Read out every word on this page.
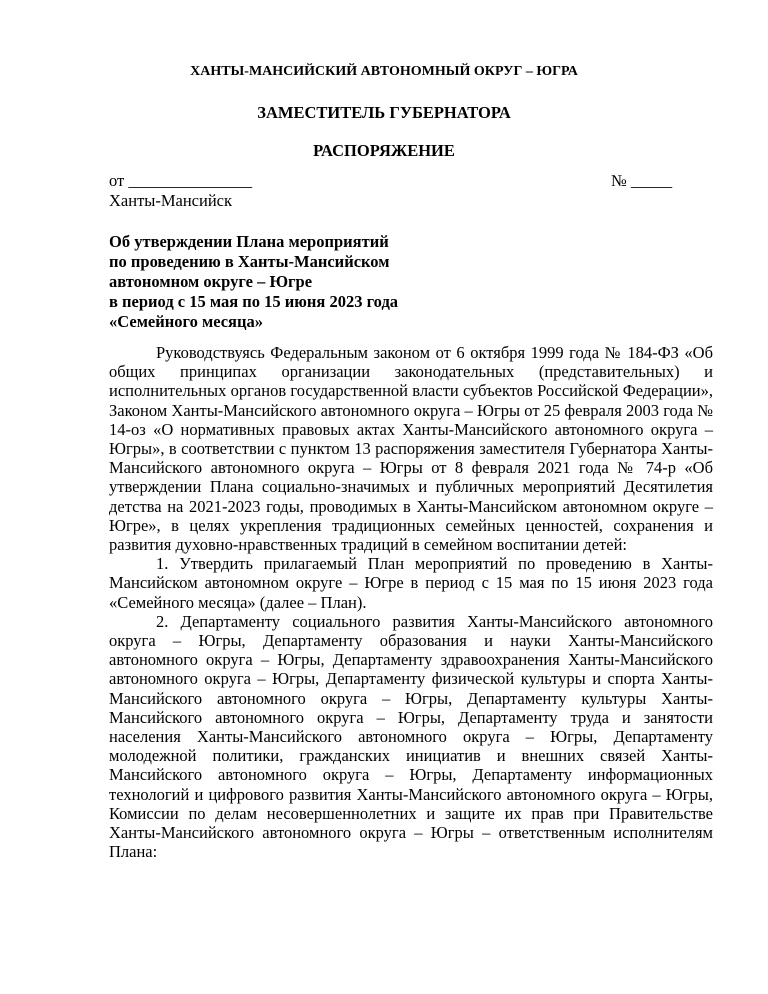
ХАНТЫ-МАНСИЙСКИЙ АВТОНОМНЫЙ ОКРУГ – ЮГРА
ЗАМЕСТИТЕЛЬ ГУБЕРНАТОРА
РАСПОРЯЖЕНИЕ
от _______________	№ _____
Ханты-Мансийск
Об утверждении Плана мероприятий
по проведению в Ханты-Мансийском
автономном округе – Югре
в период с 15 мая по 15 июня 2023 года
«Семейного месяца»

Руководствуясь Федеральным законом от 6 октября 1999 года № 184-ФЗ «Об общих принципах организации законодательных (представительных) и исполнительных органов государственной власти субъектов Российской Федерации», Законом Ханты-Мансийского автономного округа – Югры от 25 февраля 2003 года № 14-оз «О нормативных правовых актах Ханты-Мансийского автономного округа – Югры», в соответствии с пунктом 13 распоряжения заместителя Губернатора Ханты-Мансийского автономного округа – Югры от 8 февраля 2021 года № 74-р «Об утверждении Плана социально-значимых и публичных мероприятий Десятилетия детства на 2021-2023 годы, проводимых в Ханты-Мансийском автономном округе – Югре», в целях укрепления традиционных семейных ценностей, сохранения и развития духовно-нравственных традиций в семейном воспитании детей:

1. Утвердить прилагаемый План мероприятий по проведению в Ханты-Мансийском автономном округе – Югре в период с 15 мая по 15 июня 2023 года «Семейного месяца» (далее – План).

2. Департаменту социального развития Ханты-Мансийского автономного округа – Югры, Департаменту образования и науки Ханты-Мансийского автономного округа – Югры, Департаменту здравоохранения Ханты-Мансийского автономного округа – Югры, Департаменту физической культуры и спорта Ханты-Мансийского автономного округа – Югры, Департаменту культуры Ханты-Мансийского автономного округа – Югры, Департаменту труда и занятости населения Ханты-Мансийского автономного округа – Югры, Департаменту молодежной политики, гражданских инициатив и внешних связей Ханты-Мансийского автономного округа – Югры, Департаменту информационных технологий и цифрового развития Ханты-Мансийского автономного округа – Югры, Комиссии по делам несовершеннолетних и защите их прав при Правительстве Ханты-Мансийского автономного округа – Югры – ответственным исполнителям Плана:
